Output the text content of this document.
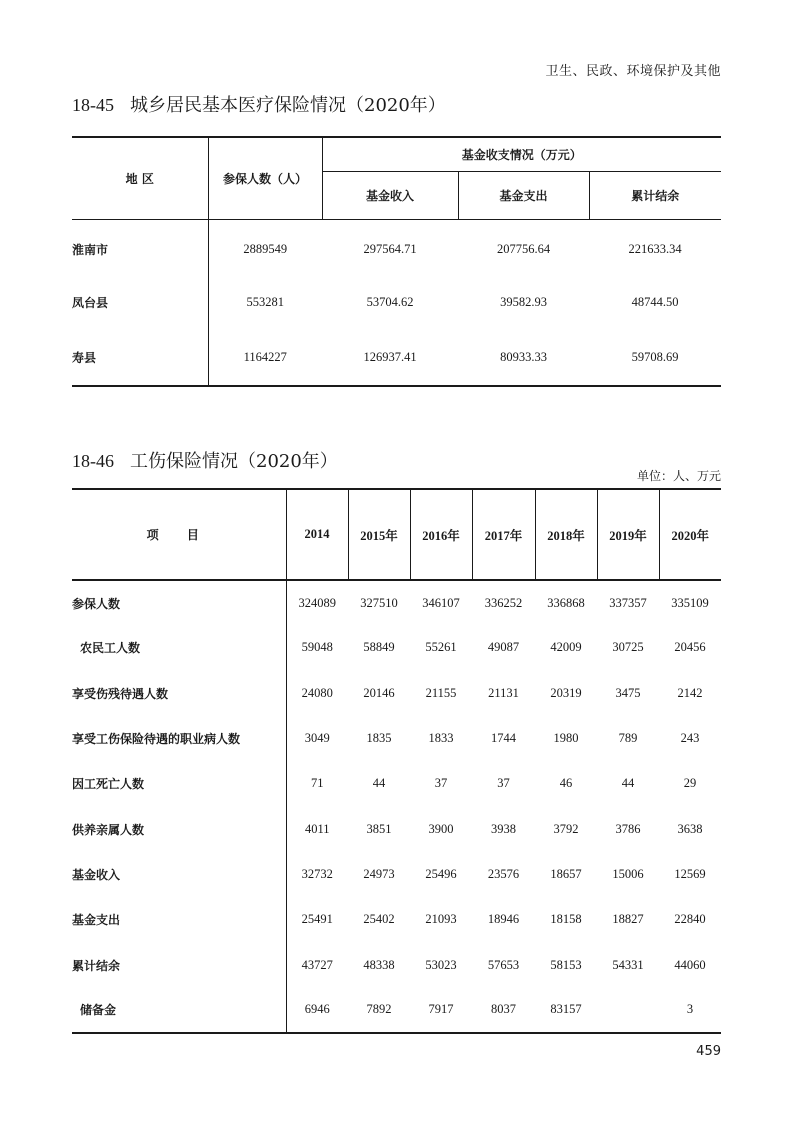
卫生、民政、环境保护及其他
18-45 城乡居民基本医疗保险情况（2020年）
地 区	参保人数（人）	基金收支情况（万元）		
		基金收入	基金支出	累计结余
淮南市	2889549	297564.71	207756.64	221633.34
凤台县	553281	53704.62	39582.93	48744.50
寿县	1164227	126937.41	80933.33	59708.69
18-46 工伤保险情况（2020年）
单位：人、万元
项 目	2014	2015年	2016年	2017年	2018年	2019年	2020年
参保人数	324089	327510	346107	336252	336868	337357	335109
农民工人数	59048	58849	55261	49087	42009	30725	20456
享受伤残待遇人数	24080	20146	21155	21131	20319	3475	2142
享受工伤保险待遇的职业病人数	3049	1835	1833	1744	1980	789	243
因工死亡人数	71	44	37	37	46	44	29
供养亲属人数	4011	3851	3900	3938	3792	3786	3638
基金收入	32732	24973	25496	23576	18657	15006	12569
基金支出	25491	25402	21093	18946	18158	18827	22840
累计结余	43727	48338	53023	57653	58153	54331	44060
储备金	6946	7892	7917	8037	83157		3
459
